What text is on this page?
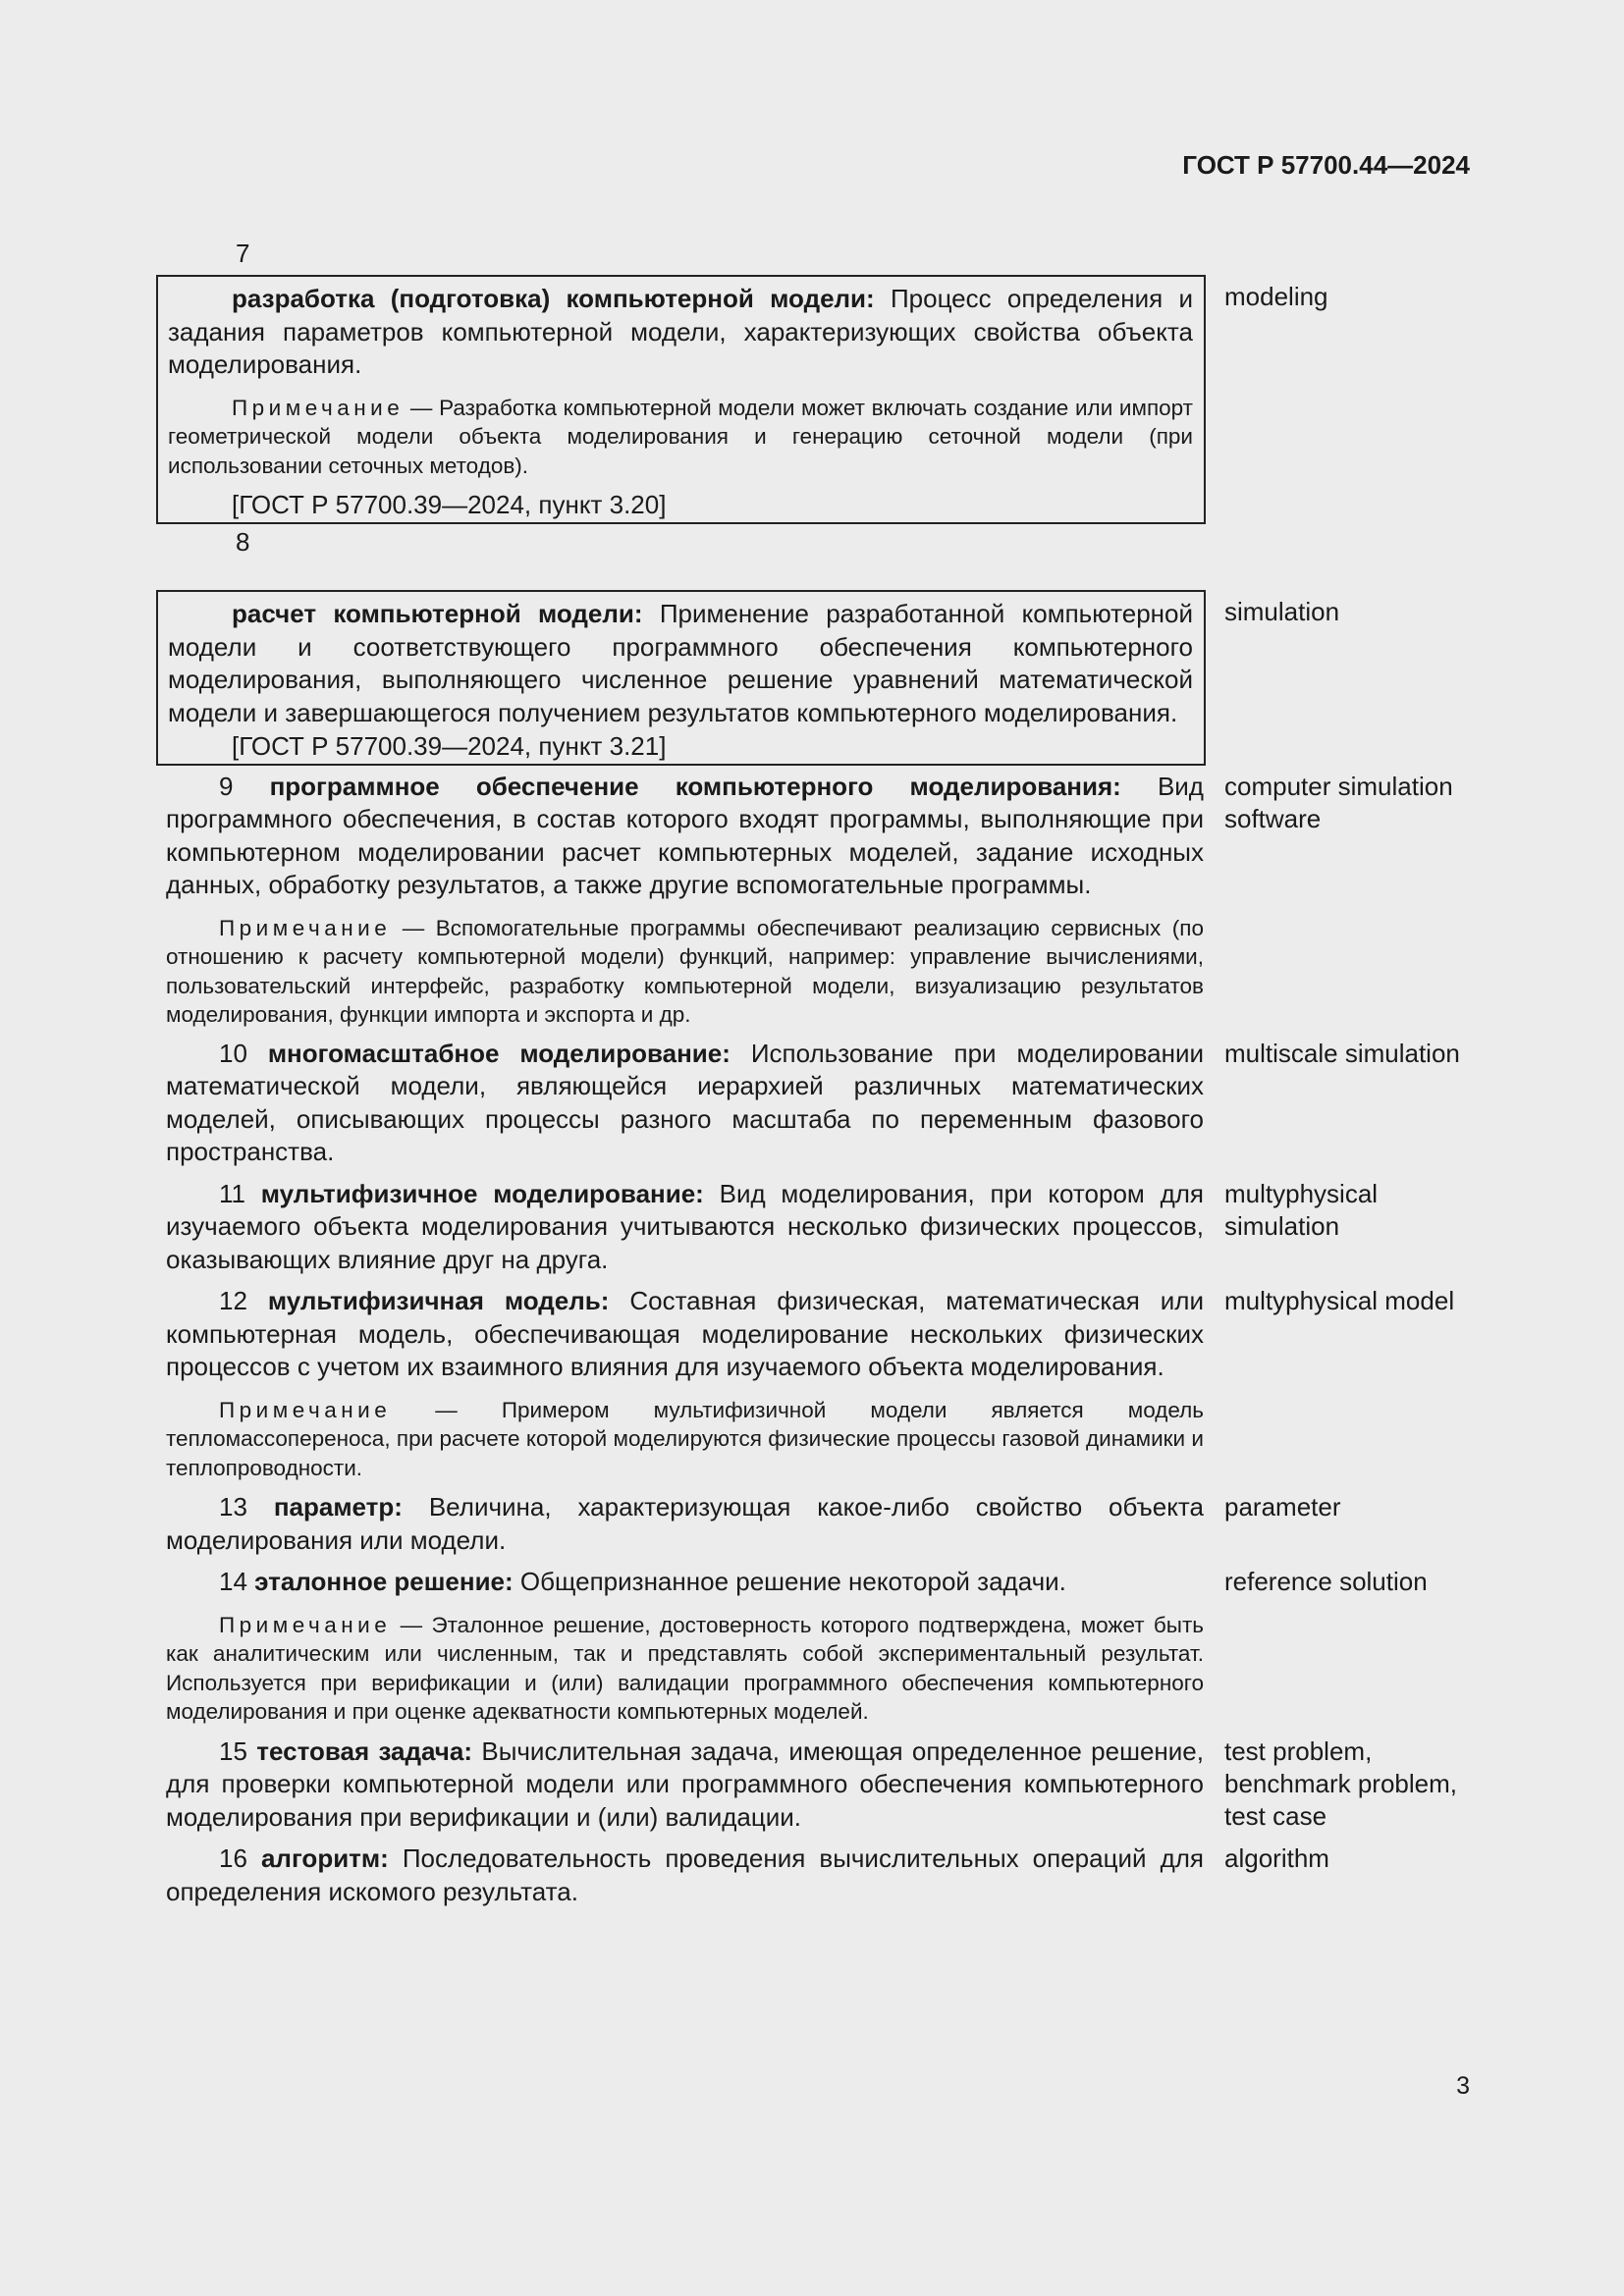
ГОСТ Р 57700.44—2024
7

разработка (подготовка) компьютерной модели: Процесс определения и задания параметров компьютерной модели, характеризующих свойства объекта моделирования.

Примечание — Разработка компьютерной модели может включать создание или импорт геометрической модели объекта моделирования и генерацию сеточной модели (при использовании сеточных методов).

[ГОСТ Р 57700.39—2024, пункт 3.20]
modeling
8

расчет компьютерной модели: Применение разработанной компьютерной модели и соответствующего программного обеспечения компьютерного моделирования, выполняющего численное решение уравнений математической модели и завершающегося получением результатов компьютерного моделирования.

[ГОСТ Р 57700.39—2024, пункт 3.21]
simulation

9 программное обеспечение компьютерного моделирования: Вид программного обеспечения, в состав которого входят программы, выполняющие при компьютерном моделировании расчет компьютерных моделей, задание исходных данных, обработку результатов, а также другие вспомогательные программы.

Примечание — Вспомогательные программы обеспечивают реализацию сервисных (по отношению к расчету компьютерной модели) функций, например: управление вычислениями, пользовательский интерфейс, разработку компьютерной модели, визуализацию результатов моделирования, функции импорта и экспорта и др.

computer simulation software

10 многомасштабное моделирование: Использование при моделировании математической модели, являющейся иерархией различных математических моделей, описывающих процессы разного масштаба по переменным фазового пространства.

multiscale simulation

11 мультифизичное моделирование: Вид моделирования, при котором для изучаемого объекта моделирования учитываются несколько физических процессов, оказывающих влияние друг на друга.

multyphysical simulation

12 мультифизичная модель: Составная физическая, математическая или компьютерная модель, обеспечивающая моделирование нескольких физических процессов с учетом их взаимного влияния для изучаемого объекта моделирования.

Примечание — Примером мультифизичной модели является модель тепломассопереноса, при расчете которой моделируются физические процессы газовой динамики и теплопроводности.

multyphysical model

13 параметр: Величина, характеризующая какое-либо свойство объекта моделирования или модели.

parameter

14 эталонное решение: Общепризнанное решение некоторой задачи.

Примечание — Эталонное решение, достоверность которого подтверждена, может быть как аналитическим или численным, так и представлять собой экспериментальный результат. Используется при верификации и (или) валидации программного обеспечения компьютерного моделирования и при оценке адекватности компьютерных моделей.

reference solution

15 тестовая задача: Вычислительная задача, имеющая определенное решение, для проверки компьютерной модели или программного обеспечения компьютерного моделирования при верификации и (или) валидации.

test problem, benchmark problem, test case

16 алгоритм: Последовательность проведения вычислительных операций для определения искомого результата.

algorithm
3
